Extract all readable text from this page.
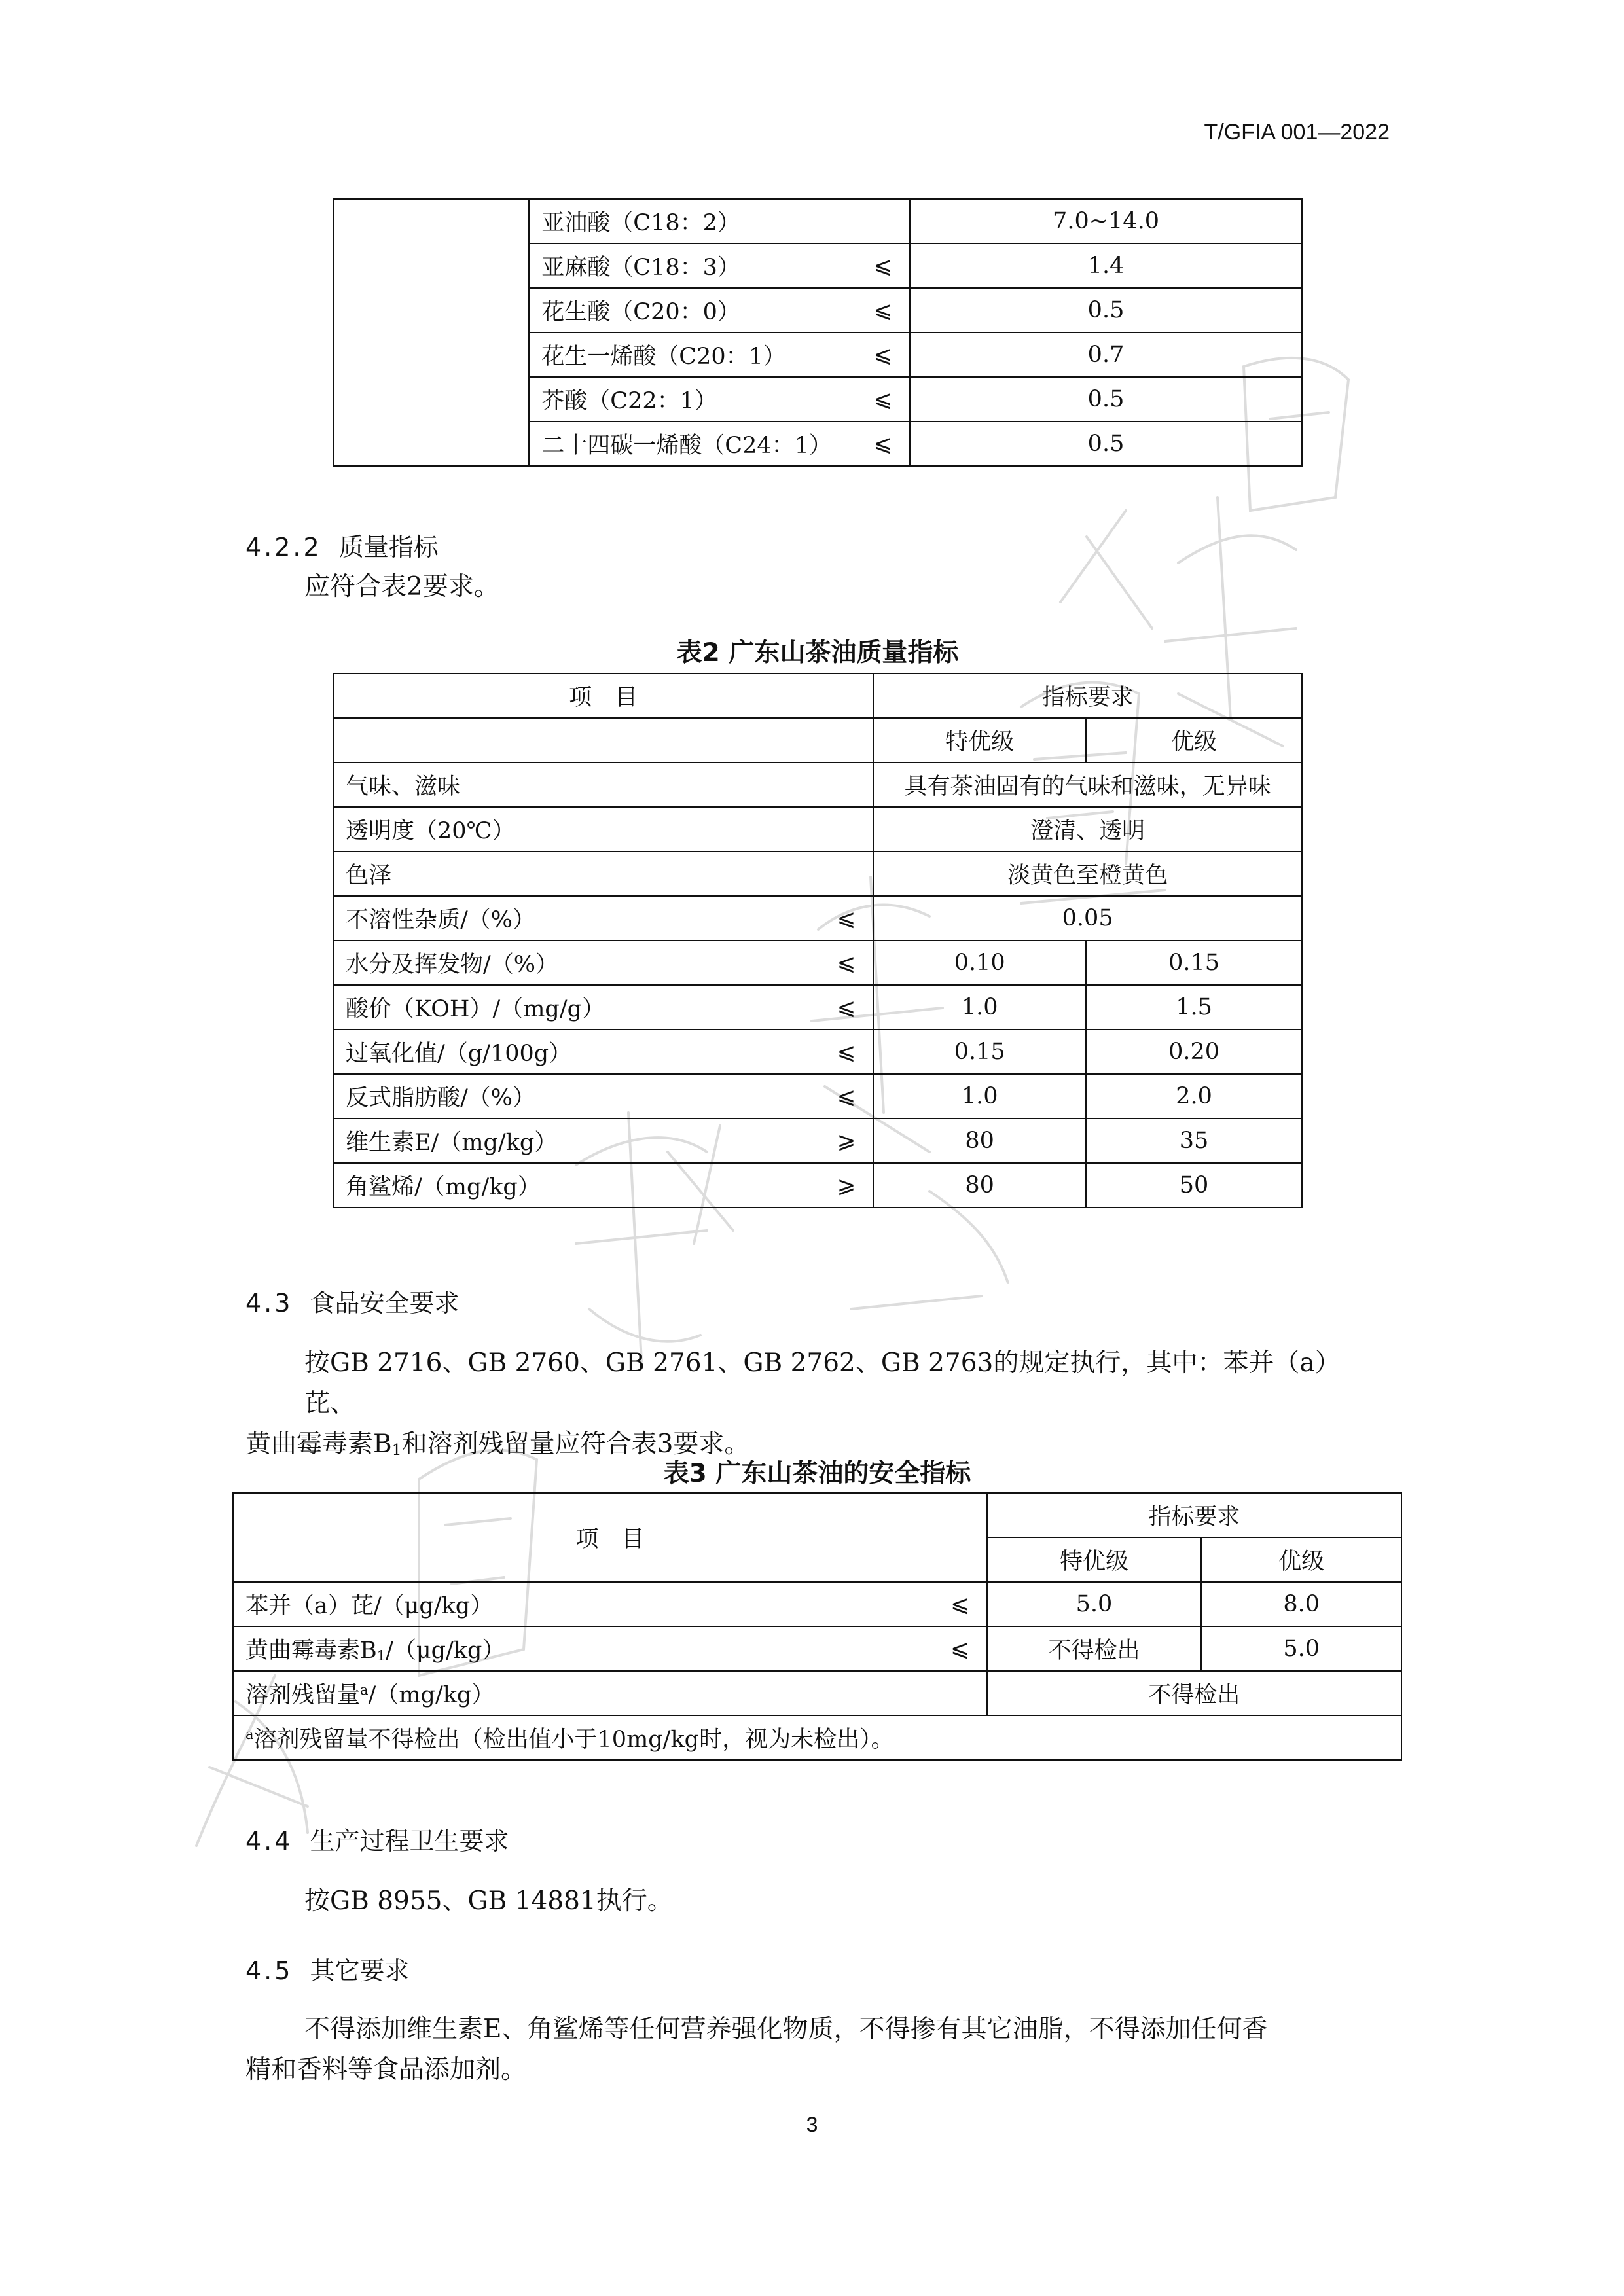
T/GFIA 001—2022
	亚油酸（C18：2）	7.0~14.0
	亚麻酸（C18：3） ⩽	1.4
	花生酸（C20：0） ⩽	0.5
	花生一烯酸（C20：1） ⩽	0.7
	芥酸（C22：1） ⩽	0.5
	二十四碳一烯酸（C24：1） ⩽	0.5
4.2.2 质量指标
应符合表2要求。
表2 广东山茶油质量指标
项　目	指标要求	
	特优级	优级
气味、滋味	具有茶油固有的气味和滋味，无异味	
透明度（20℃）	澄清、透明	
色泽	淡黄色至橙黄色	
不溶性杂质/（%） ⩽	0.05	
水分及挥发物/（%） ⩽	0.10	0.15
酸价（KOH）/（mg/g） ⩽	1.0	1.5
过氧化值/（g/100g） ⩽	0.15	0.20
反式脂肪酸/（%） ⩽	1.0	2.0
维生素E/（mg/kg） ⩾	80	35
角鲨烯/（mg/kg） ⩾	80	50
4.3 食品安全要求
按GB 2716、GB 2760、GB 2761、GB 2762、GB 2763的规定执行，其中：苯并（a）芘、
黄曲霉毒素$B_1$和溶剂残留量应符合表3要求。
表3 广东山茶油的安全指标
项　目	指标要求	
	特优级	优级
苯并（a）芘/（μg/kg） ⩽	5.0	8.0
黄曲霉毒素$B_1/(\mu g/kg)$ ⩽	不得检出	5.0
溶剂残留量$^a$/（mg/kg）	不得检出	
$^a$溶剂残留量不得检出（检出值小于10mg/kg时，视为未检出）。		
4.4 生产过程卫生要求
按GB 8955、GB 14881执行。
4.5 其它要求
不得添加维生素E、角鲨烯等任何营养强化物质，不得掺有其它油脂，不得添加任何香
精和香料等食品添加剂。
3
